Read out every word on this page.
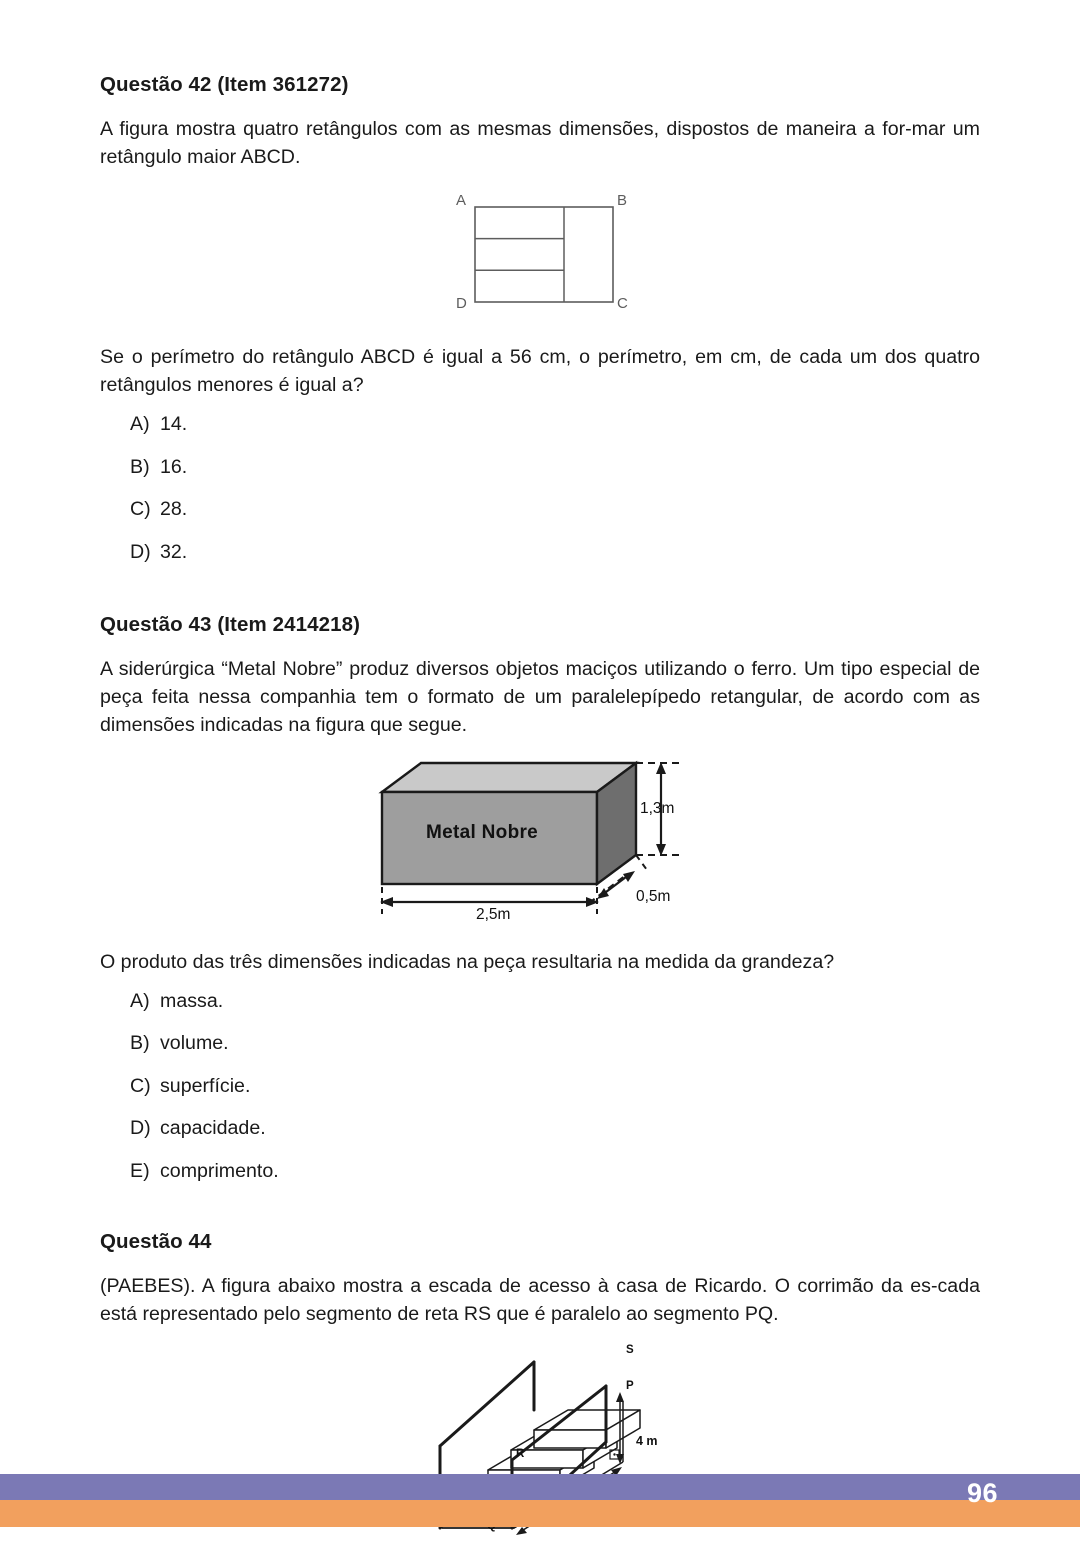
Questão 42 (Item 361272)

A figura mostra quatro retângulos com as mesmas dimensões, dispostos de maneira a for-mar um retângulo maior ABCD.

A	B
D	C

Se o perímetro do retângulo ABCD é igual a 56 cm, o perímetro, em cm, de cada um dos quatro retângulos menores é igual a?

A) 14.
B) 16.
C) 28.
D) 32.
Questão 43 (Item 2414218)

A siderúrgica “Metal Nobre” produz diversos objetos maciços utilizando o ferro. Um tipo especial de peça feita nessa companhia tem o formato de um paralelepípedo retangular, de acordo com as dimensões indicadas na figura que segue.

Metal Nobre
1,3m
0,5m
2,5m

O produto das três dimensões indicadas na peça resultaria na medida da grandeza?

A) massa.
B) volume.
C) superfície.
D) capacidade.
E) comprimento.
Questão 44

(PAEBES). A figura abaixo mostra a escada de acesso à casa de Ricardo. O corrimão da es-cada está representado pelo segmento de reta RS que é paralelo ao segmento PQ.

S
P
R
4 m
96
